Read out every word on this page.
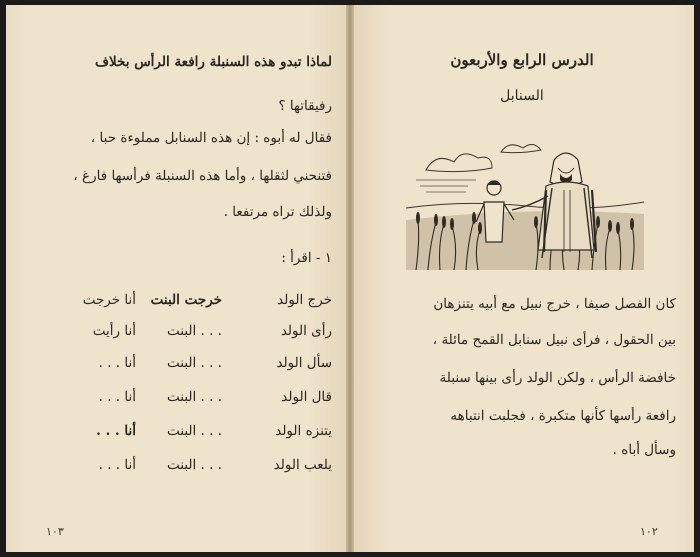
لماذا تبدو هذه السنبلة رافعة الرأس بخلاف
رفيقاتها ؟
فقال له أبوه : إن هذه السنابل مملوءة حبا ،
فتنحني لثقلها ، وأما هذه السنبلة فرأسها فارغ ،
ولذلك تراه مرتفعا .
١ - اقرأ :
خرج الولد
خرجت البنت
أنا خرجت
رأى الولد
. . . البنت
أنا رأيت
سأل الولد
. . . البنت
أنا . . .
قال الولد
. . . البنت
أنا . . .
يتنزه الولد
. . . البنت
أنا . . .
يلعب الولد
. . . البنت
أنا . . .
١٠٣
الدرس الرابع والأربعون
السنابل
كان الفصل صيفا ، خرج نبيل مع أبيه يتنزهان
بين الحقول ، فرأى نبيل سنابل القمح مائلة ،
خافضة الرأس ، ولكن الولد رأى بينها سنبلة
رافعة رأسها كأنها متكبرة ، فجلبت انتباهه
وسأل أباه .
١٠٢
